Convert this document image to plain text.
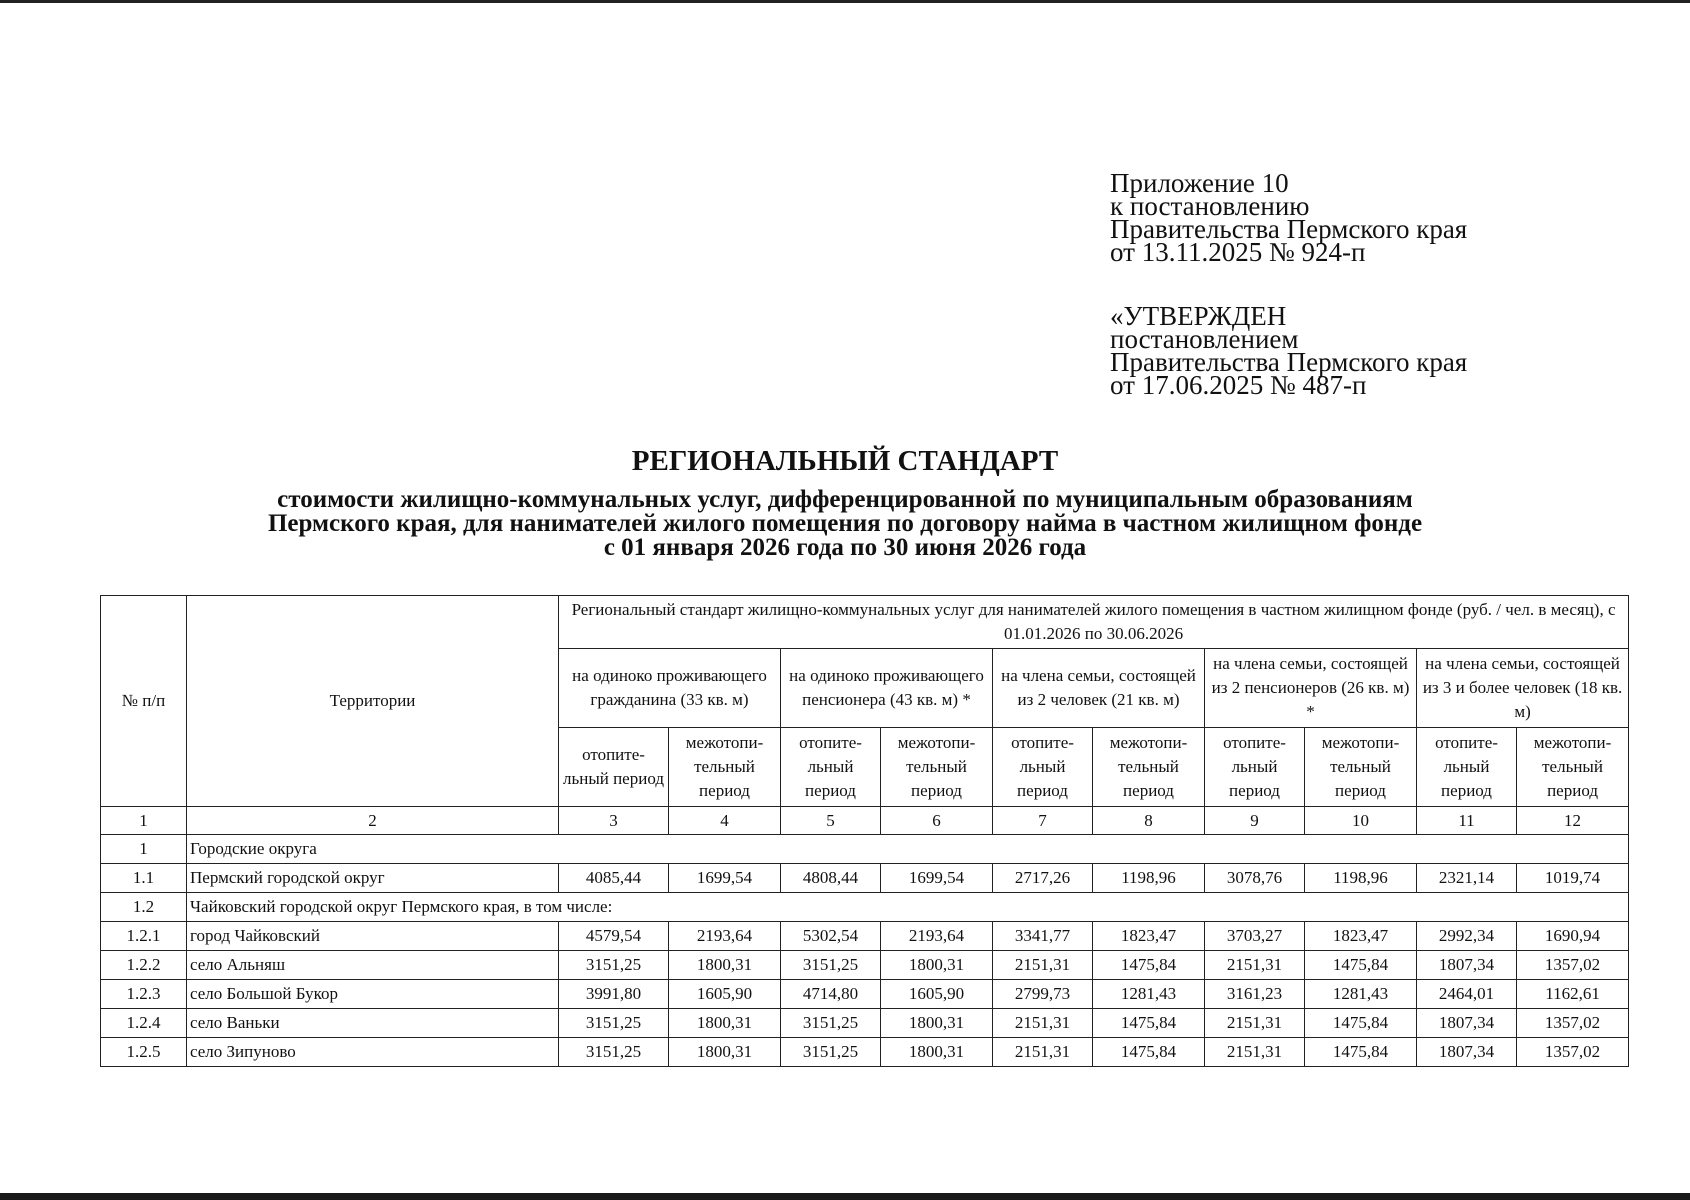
Приложение 10
к постановлению
Правительства Пермского края
от 13.11.2025 № 924-п
«УТВЕРЖДЕН
постановлением
Правительства Пермского края
от 17.06.2025 № 487-п
РЕГИОНАЛЬНЫЙ СТАНДАРТ
стоимости жилищно-коммунальных услуг, дифференцированной по муниципальным образованиям
Пермского края, для нанимателей жилого помещения по договору найма в частном жилищном фонде
с 01 января 2026 года по 30 июня 2026 года
№ п/п	Территории	Региональный стандарт жилищно-коммунальных услуг для нанимателей жилого помещения в частном жилищном фонде (руб. / чел. в месяц), с 01.01.2026 по 30.06.2026									
		на одиноко проживающего гражданина (33 кв. м)		на одиноко проживающего пенсионера (43 кв. м) *		на члена семьи, состоящей из 2 человек (21 кв. м)		на члена семьи, состоящей из 2 пенсионеров (26 кв. м) *		на члена семьи, состоящей из 3 и более человек (18 кв. м)	
		отопите- льный период	межотопи- тельный период	отопите- льный период	межотопи- тельный период	отопите- льный период	межотопи- тельный период	отопите- льный период	межотопи- тельный период	отопите- льный период	межотопи- тельный период
1	2	3	4	5	6	7	8	9	10	11	12
1	Городские округа										
1.1	Пермский городской округ	4085,44	1699,54	4808,44	1699,54	2717,26	1198,96	3078,76	1198,96	2321,14	1019,74
1.2	Чайковский городской округ Пермского края, в том числе:										
1.2.1	город Чайковский	4579,54	2193,64	5302,54	2193,64	3341,77	1823,47	3703,27	1823,47	2992,34	1690,94
1.2.2	село Альняш	3151,25	1800,31	3151,25	1800,31	2151,31	1475,84	2151,31	1475,84	1807,34	1357,02
1.2.3	село Большой Букор	3991,80	1605,90	4714,80	1605,90	2799,73	1281,43	3161,23	1281,43	2464,01	1162,61
1.2.4	село Ваньки	3151,25	1800,31	3151,25	1800,31	2151,31	1475,84	2151,31	1475,84	1807,34	1357,02
1.2.5	село Зипуново	3151,25	1800,31	3151,25	1800,31	2151,31	1475,84	2151,31	1475,84	1807,34	1357,02
